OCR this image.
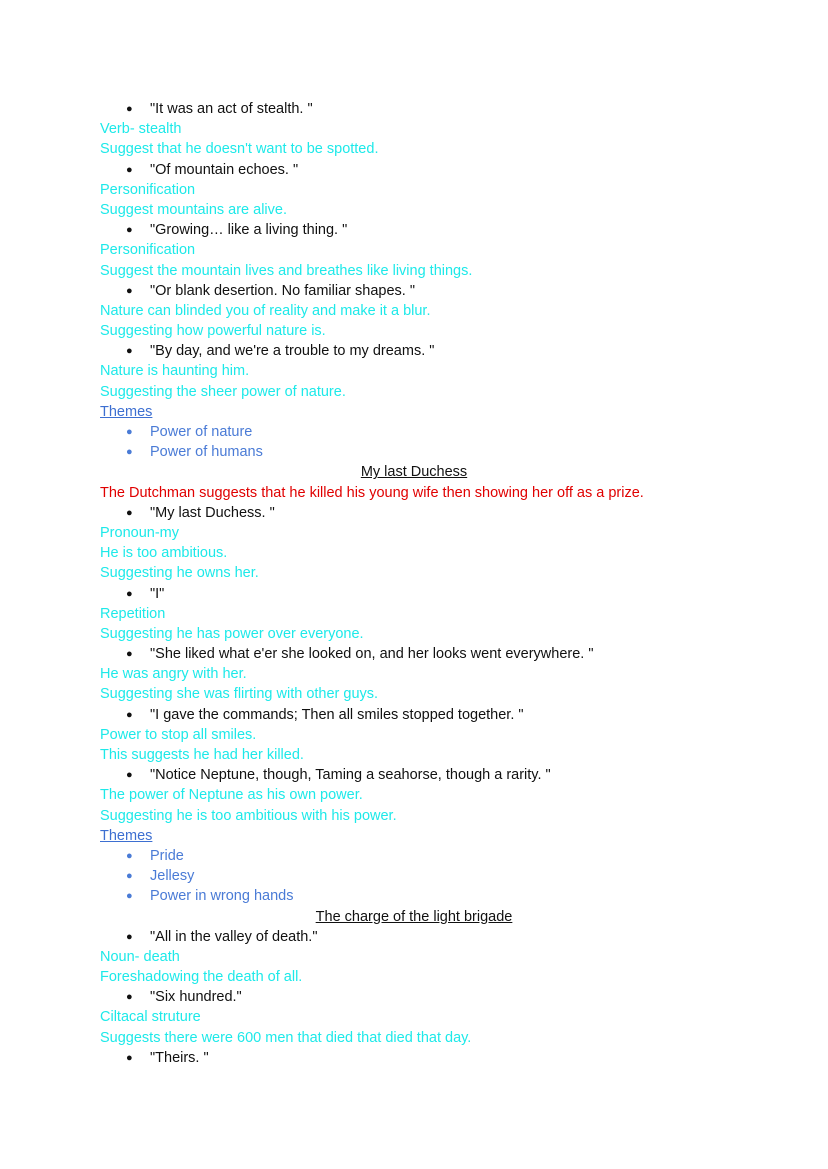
● "It was an act of stealth. "
Verb- stealth
Suggest that he doesn't want to be spotted.
● "Of mountain echoes. "
Personification
Suggest mountains are alive.
● "Growing… like a living thing. "
Personification
Suggest the mountain lives and breathes like living things.
● "Or blank desertion. No familiar shapes. "
Nature can blinded you of reality and make it a blur.
Suggesting how powerful nature is.
● "By day, and we're a trouble to my dreams. "
Nature is haunting him.
Suggesting the sheer power of nature.
Themes
● Power of nature
● Power of humans
My last Duchess
The Dutchman suggests that he killed his young wife then showing her off as a prize.
● "My last Duchess. "
Pronoun-my
He is too ambitious.
Suggesting he owns her.
● "I"
Repetition
Suggesting he has power over everyone.
● "She liked what e'er she looked on, and her looks went everywhere. "
He was angry with her.
Suggesting she was flirting with other guys.
● "I gave the commands; Then all smiles stopped together. "
Power to stop all smiles.
This suggests he had her killed.
● "Notice Neptune, though, Taming a seahorse, though a rarity. "
The power of Neptune as his own power.
Suggesting he is too ambitious with his power.
Themes
● Pride
● Jellesy
● Power in wrong hands
The charge of the light brigade
● "All in the valley of death."
Noun- death
Foreshadowing the death of all.
● "Six hundred."
Ciltacal struture
Suggests there were 600 men that died that died that day.
● "Theirs. "
